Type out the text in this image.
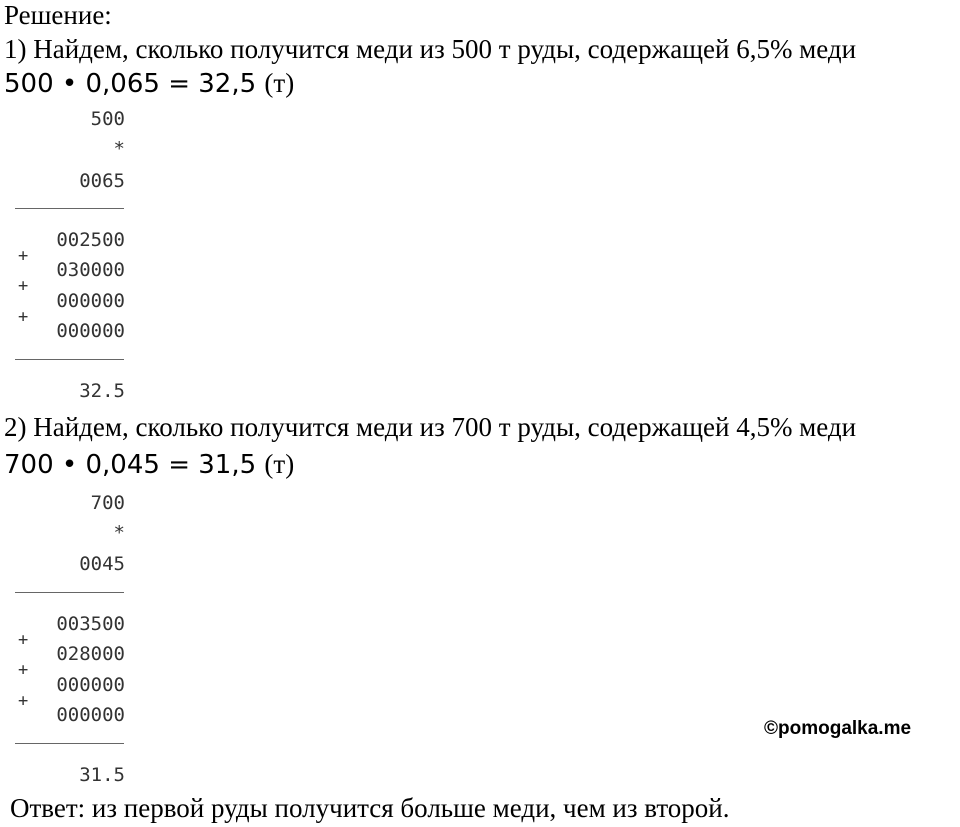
Решение:
1) Найдем, сколько получится меди из 500 т руды, содержащей 6,5% меди
500 • 0,065 = 32,5 (т)
500
*
0065
002500
+
030000
+
000000
+
000000
32.5
2) Найдем, сколько получится меди из 700 т руды, содержащей 4,5% меди
700 • 0,045 = 31,5 (т)
700
*
0045
003500
+
028000
+
000000
+
000000
31.5
©pomogalka.me
Ответ: из первой руды получится больше меди, чем из второй.
